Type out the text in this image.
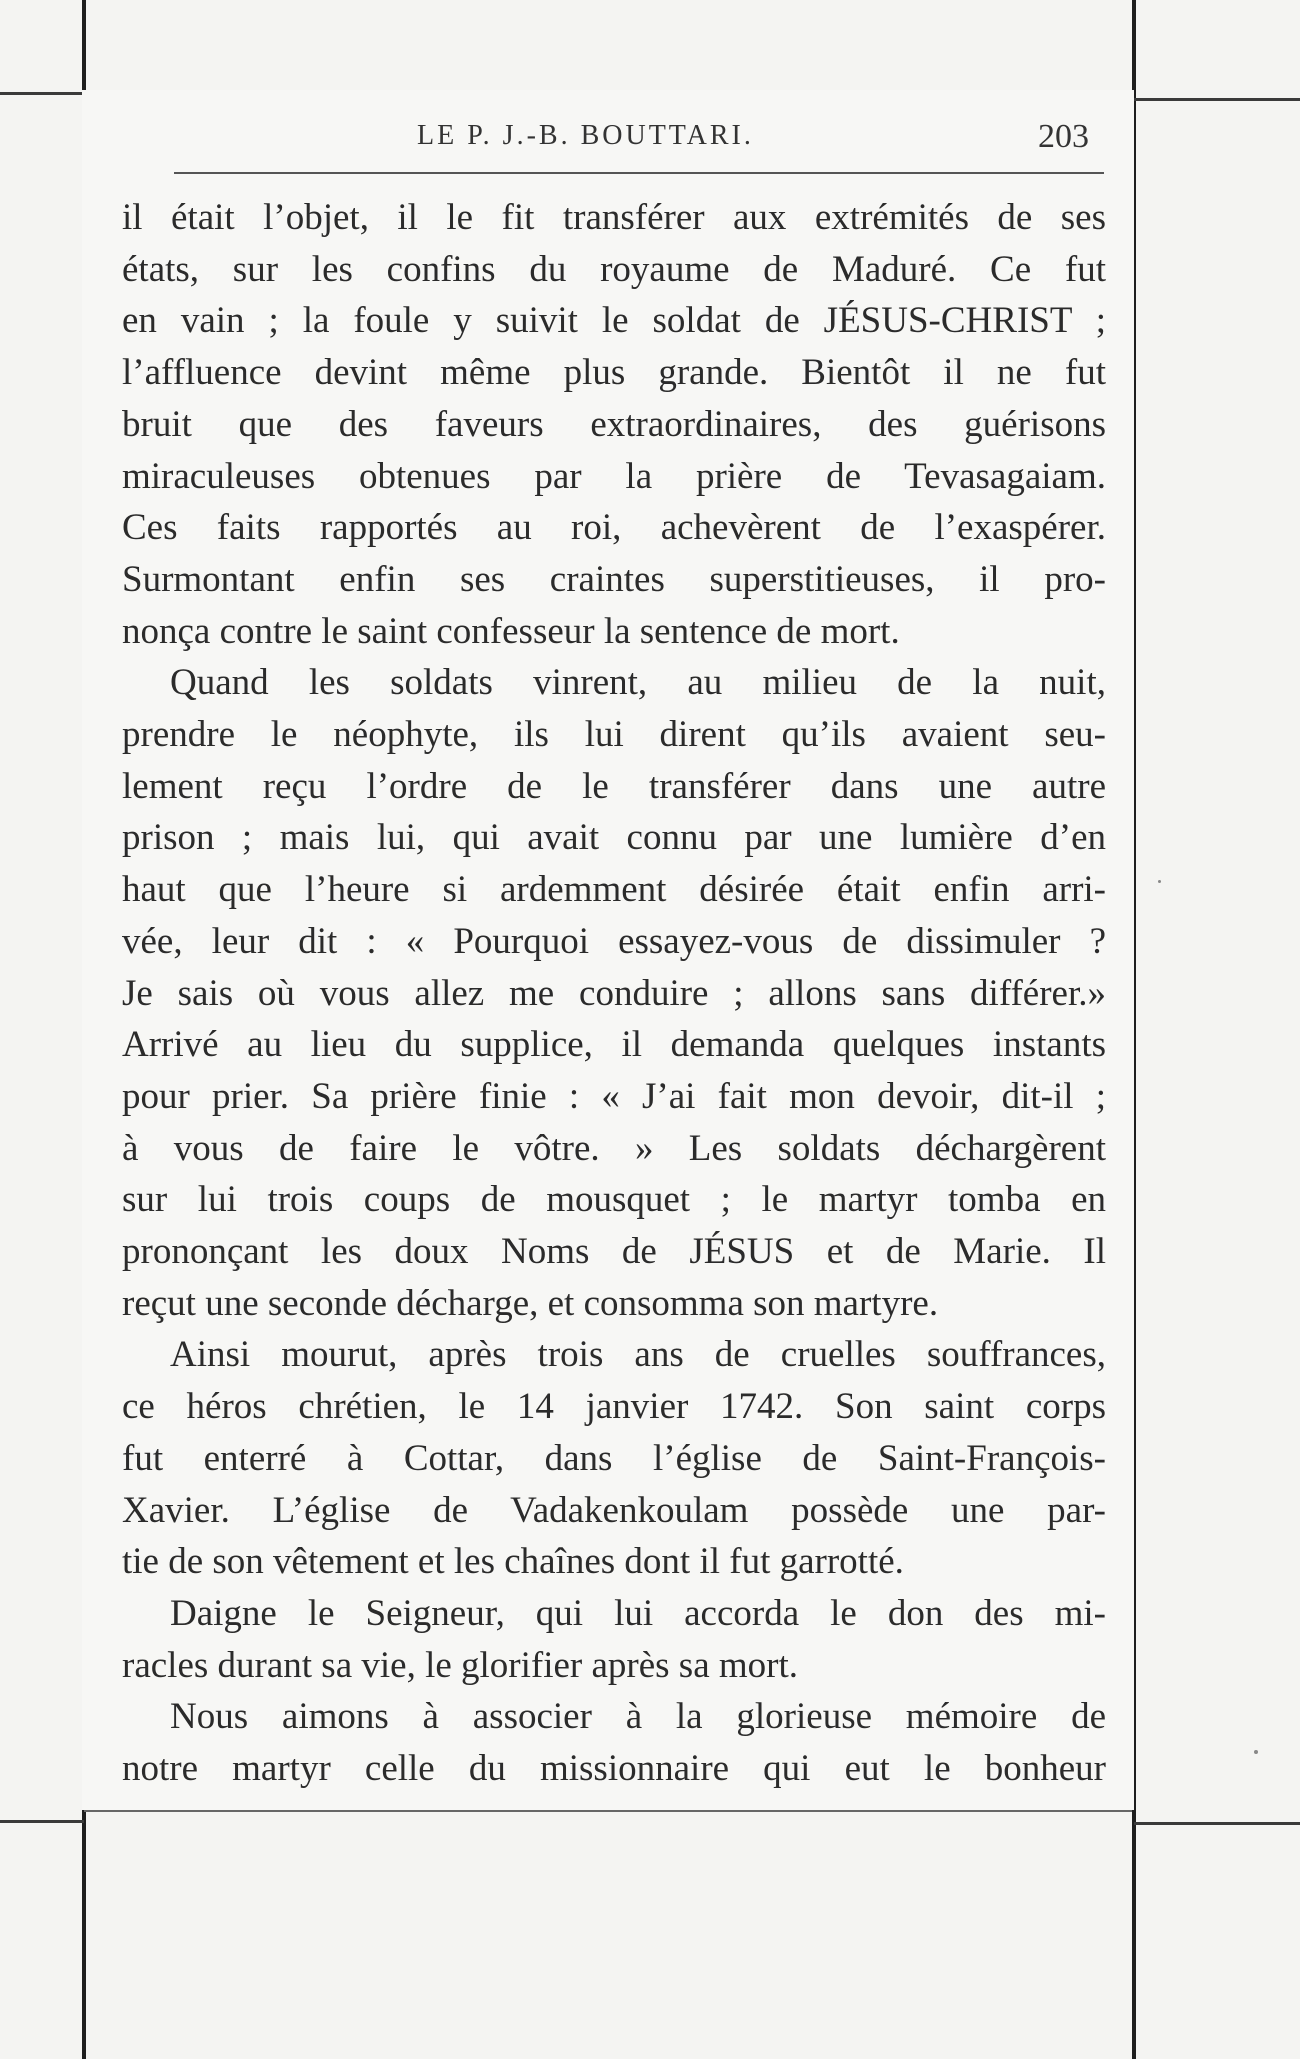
LE P. J.-B. BOUTTARI.	203
il était l’objet, il le fit transférer aux extrémités de ses
états, sur les confins du royaume de Maduré. Ce fut
en vain ; la foule y suivit le soldat de JÉSUS-CHRIST ;
l’affluence devint même plus grande. Bientôt il ne fut
bruit que des faveurs extraordinaires, des guérisons
miraculeuses obtenues par la prière de Tevasagaiam.
Ces faits rapportés au roi, achevèrent de l’exaspérer.
Surmontant enfin ses craintes superstitieuses, il pro-
nonça contre le saint confesseur la sentence de mort.
Quand les soldats vinrent, au milieu de la nuit,
prendre le néophyte, ils lui dirent qu’ils avaient seu-
lement reçu l’ordre de le transférer dans une autre
prison ; mais lui, qui avait connu par une lumière d’en
haut que l’heure si ardemment désirée était enfin arri-
vée, leur dit : « Pourquoi essayez-vous de dissimuler ?
Je sais où vous allez me conduire ; allons sans différer.»
Arrivé au lieu du supplice, il demanda quelques instants
pour prier. Sa prière finie : « J’ai fait mon devoir, dit-il ;
à vous de faire le vôtre. » Les soldats déchargèrent
sur lui trois coups de mousquet ; le martyr tomba en
prononçant les doux Noms de JÉSUS et de Marie. Il
reçut une seconde décharge, et consomma son martyre.
Ainsi mourut, après trois ans de cruelles souffrances,
ce héros chrétien, le 14 janvier 1742. Son saint corps
fut enterré à Cottar, dans l’église de Saint-François-
Xavier. L’église de Vadakenkoulam possède une par-
tie de son vêtement et les chaînes dont il fut garrotté.
Daigne le Seigneur, qui lui accorda le don des mi-
racles durant sa vie, le glorifier après sa mort.
Nous aimons à associer à la glorieuse mémoire de
notre martyr celle du missionnaire qui eut le bonheur
